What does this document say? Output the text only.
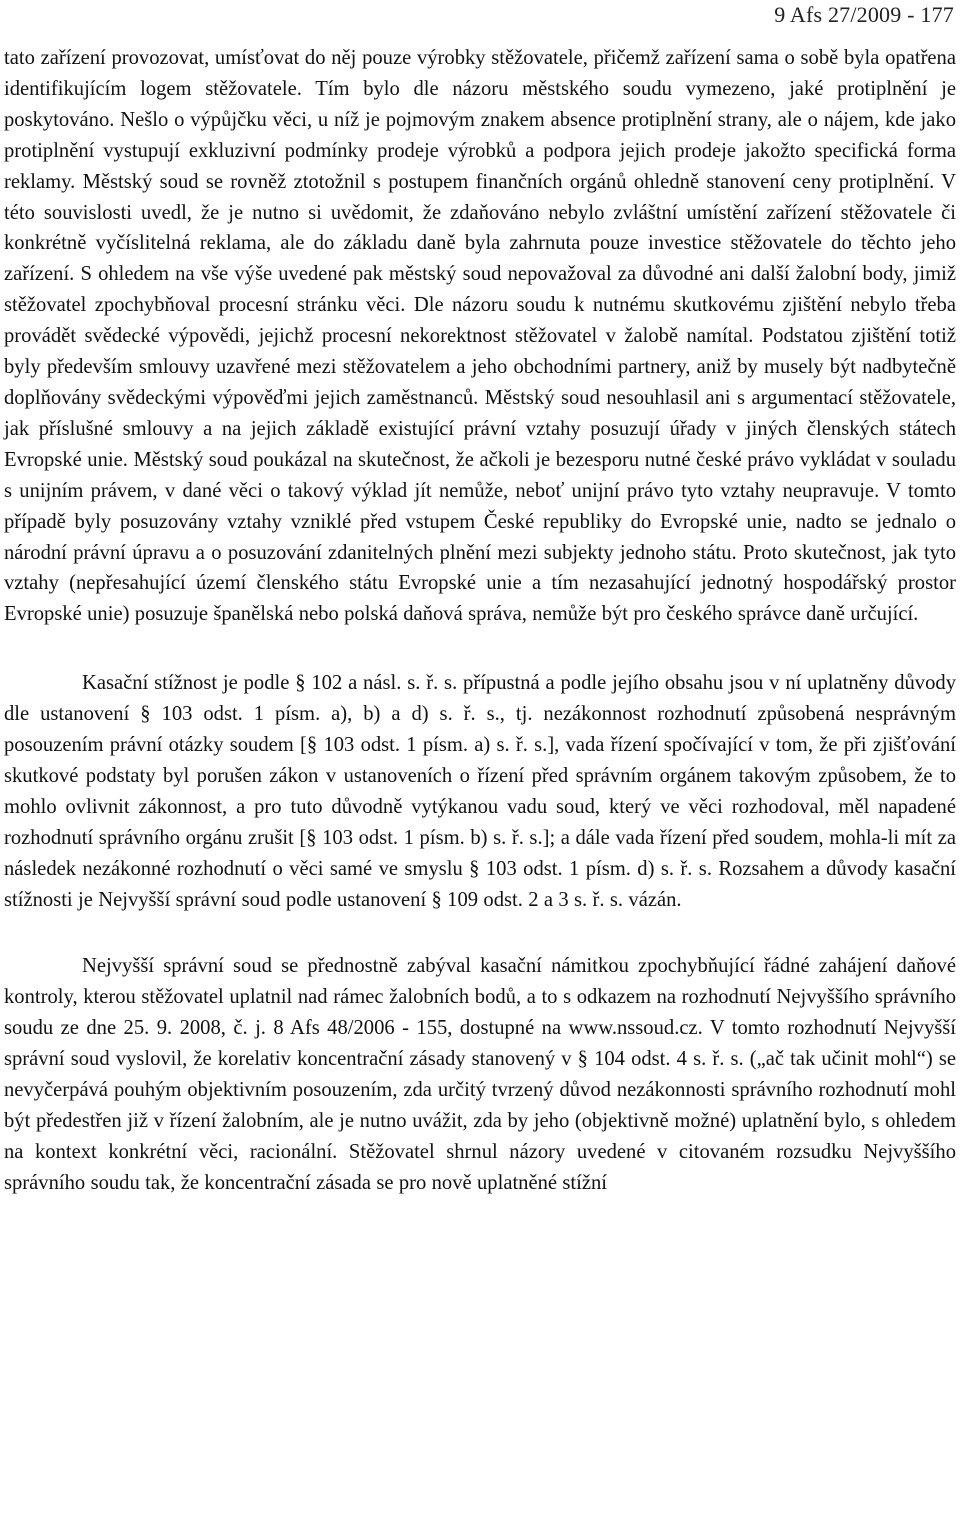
9 Afs 27/2009 - 177

tato zařízení provozovat, umísťovat do něj pouze výrobky stěžovatele, přičemž zařízení sama o sobě byla opatřena identifikujícím logem stěžovatele. Tím bylo dle názoru městského soudu vymezeno, jaké protiplnění je poskytováno. Nešlo o výpůjčku věci, u níž je pojmovým znakem absence protiplnění strany, ale o nájem, kde jako protiplnění vystupují exkluzivní podmínky prodeje výrobků a podpora jejich prodeje jakožto specifická forma reklamy. Městský soud se rovněž ztotožnil s postupem finančních orgánů ohledně stanovení ceny protiplnění. V této souvislosti uvedl, že je nutno si uvědomit, že zdaňováno nebylo zvláštní umístění zařízení stěžovatele či konkrétně vyčíslitelná reklama, ale do základu daně byla zahrnuta pouze investice stěžovatele do těchto jeho zařízení. S ohledem na vše výše uvedené pak městský soud nepovažoval za důvodné ani další žalobní body, jimiž stěžovatel zpochybňoval procesní stránku věci. Dle názoru soudu k nutnému skutkovému zjištění nebylo třeba provádět svědecké výpovědi, jejichž procesní nekorektnost stěžovatel v žalobě namítal. Podstatou zjištění totiž byly především smlouvy uzavřené mezi stěžovatelem a jeho obchodními partnery, aniž by musely být nadbytečně doplňovány svědeckými výpověďmi jejich zaměstnanců. Městský soud nesouhlasil ani s argumentací stěžovatele, jak příslušné smlouvy a na jejich základě existující právní vztahy posuzují úřady v jiných členských státech Evropské unie. Městský soud poukázal na skutečnost, že ačkoli je bezesporu nutné české právo vykládat v souladu s unijním právem, v dané věci o takový výklad jít nemůže, neboť unijní právo tyto vztahy neupravuje. V tomto případě byly posuzovány vztahy vzniklé před vstupem České republiky do Evropské unie, nadto se jednalo o národní právní úpravu a o posuzování zdanitelných plnění mezi subjekty jednoho státu. Proto skutečnost, jak tyto vztahy (nepřesahující území členského státu Evropské unie a tím nezasahující jednotný hospodářský prostor Evropské unie) posuzuje španělská nebo polská daňová správa, nemůže být pro českého správce daně určující.

Kasační stížnost je podle § 102 a násl. s. ř. s. přípustná a podle jejího obsahu jsou v ní uplatněny důvody dle ustanovení § 103 odst. 1 písm. a), b) a d) s. ř. s., tj. nezákonnost rozhodnutí způsobená nesprávným posouzením právní otázky soudem [§ 103 odst. 1 písm. a) s. ř. s.], vada řízení spočívající v tom, že při zjišťování skutkové podstaty byl porušen zákon v ustanoveních o řízení před správním orgánem takovým způsobem, že to mohlo ovlivnit zákonnost, a pro tuto důvodně vytýkanou vadu soud, který ve věci rozhodoval, měl napadené rozhodnutí správního orgánu zrušit [§ 103 odst. 1 písm. b) s. ř. s.]; a dále vada řízení před soudem, mohla-li mít za následek nezákonné rozhodnutí o věci samé ve smyslu § 103 odst. 1 písm. d) s. ř. s. Rozsahem a důvody kasační stížnosti je Nejvyšší správní soud podle ustanovení § 109 odst. 2 a 3 s. ř. s. vázán.

Nejvyšší správní soud se přednostně zabýval kasační námitkou zpochybňující řádné zahájení daňové kontroly, kterou stěžovatel uplatnil nad rámec žalobních bodů, a to s odkazem na rozhodnutí Nejvyššího správního soudu ze dne 25. 9. 2008, č. j. 8 Afs 48/2006 - 155, dostupné na www.nssoud.cz. V tomto rozhodnutí Nejvyšší správní soud vyslovil, že korelativ koncentrační zásady stanovený v § 104 odst. 4 s. ř. s. („ač tak učinit mohl“) se nevyčerpává pouhým objektivním posouzením, zda určitý tvrzený důvod nezákonnosti správního rozhodnutí mohl být předestřen již v řízení žalobním, ale je nutno uvážit, zda by jeho (objektivně možné) uplatnění bylo, s ohledem na kontext konkrétní věci, racionální. Stěžovatel shrnul názory uvedené v citovaném rozsudku Nejvyššího správního soudu tak, že koncentrační zásada se pro nově uplatněné stížní
